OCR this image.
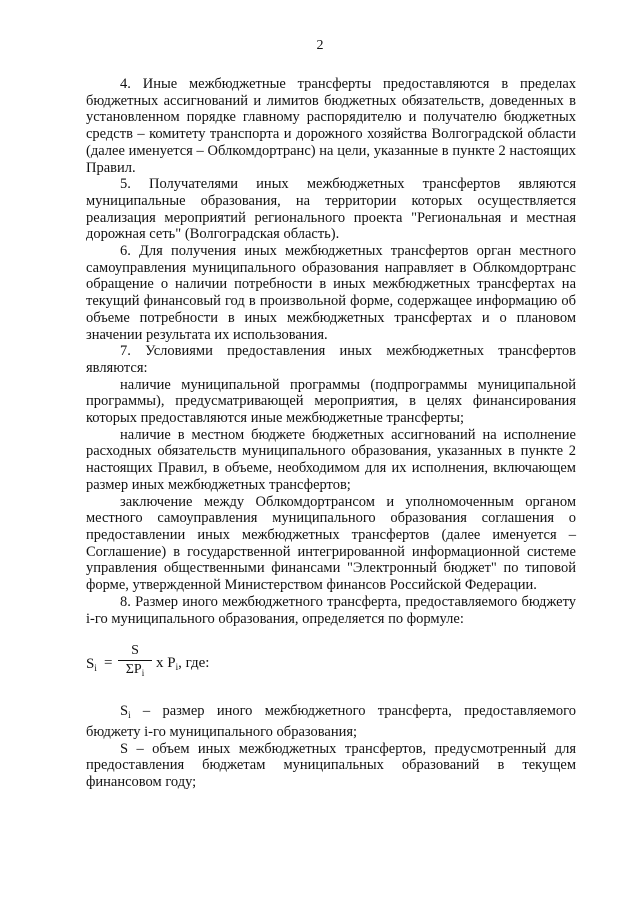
2

4. Иные межбюджетные трансферты предоставляются в пределах бюджетных ассигнований и лимитов бюджетных обязательств, доведенных в установленном порядке главному распорядителю и получателю бюджетных средств – комитету транспорта и дорожного хозяйства Волгоградской области (далее именуется – Облкомдортранс) на цели, указанные в пункте 2 настоящих Правил.

5. Получателями иных межбюджетных трансфертов являются муниципальные образования, на территории которых осуществляется реализация мероприятий регионального проекта "Региональная и местная дорожная сеть" (Волгоградская область).

6. Для получения иных межбюджетных трансфертов орган местного самоуправления муниципального образования направляет в Облкомдортранс обращение о наличии потребности в иных межбюджетных трансфертах на текущий финансовый год в произвольной форме, содержащее информацию об объеме потребности в иных межбюджетных трансфертах и о плановом значении результата их использования.

7. Условиями предоставления иных межбюджетных трансфертов являются:

наличие муниципальной программы (подпрограммы муниципальной программы), предусматривающей мероприятия, в целях финансирования которых предоставляются иные межбюджетные трансферты;

наличие в местном бюджете бюджетных ассигнований на исполнение расходных обязательств муниципального образования, указанных в пункте 2 настоящих Правил, в объеме, необходимом для их исполнения, включающем размер иных межбюджетных трансфертов;

заключение между Облкомдортрансом и уполномоченным органом местного самоуправления муниципального образования соглашения о предоставлении иных межбюджетных трансфертов (далее именуется – Соглашение) в государственной интегрированной информационной системе управления общественными финансами "Электронный бюджет" по типовой форме, утвержденной Министерством финансов Российской Федерации.

8. Размер иного межбюджетного трансферта, предоставляемого бюджету i-го муниципального образования, определяется по формуле:

$S_i$ =
S
$\Sigma P_i$
x $P_i$, где:

$S_i$ – размер иного межбюджетного трансферта, предоставляемого бюджету i-го муниципального образования;

S – объем иных межбюджетных трансфертов, предусмотренный для предоставления бюджетам муниципальных образований в текущем финансовом году;
